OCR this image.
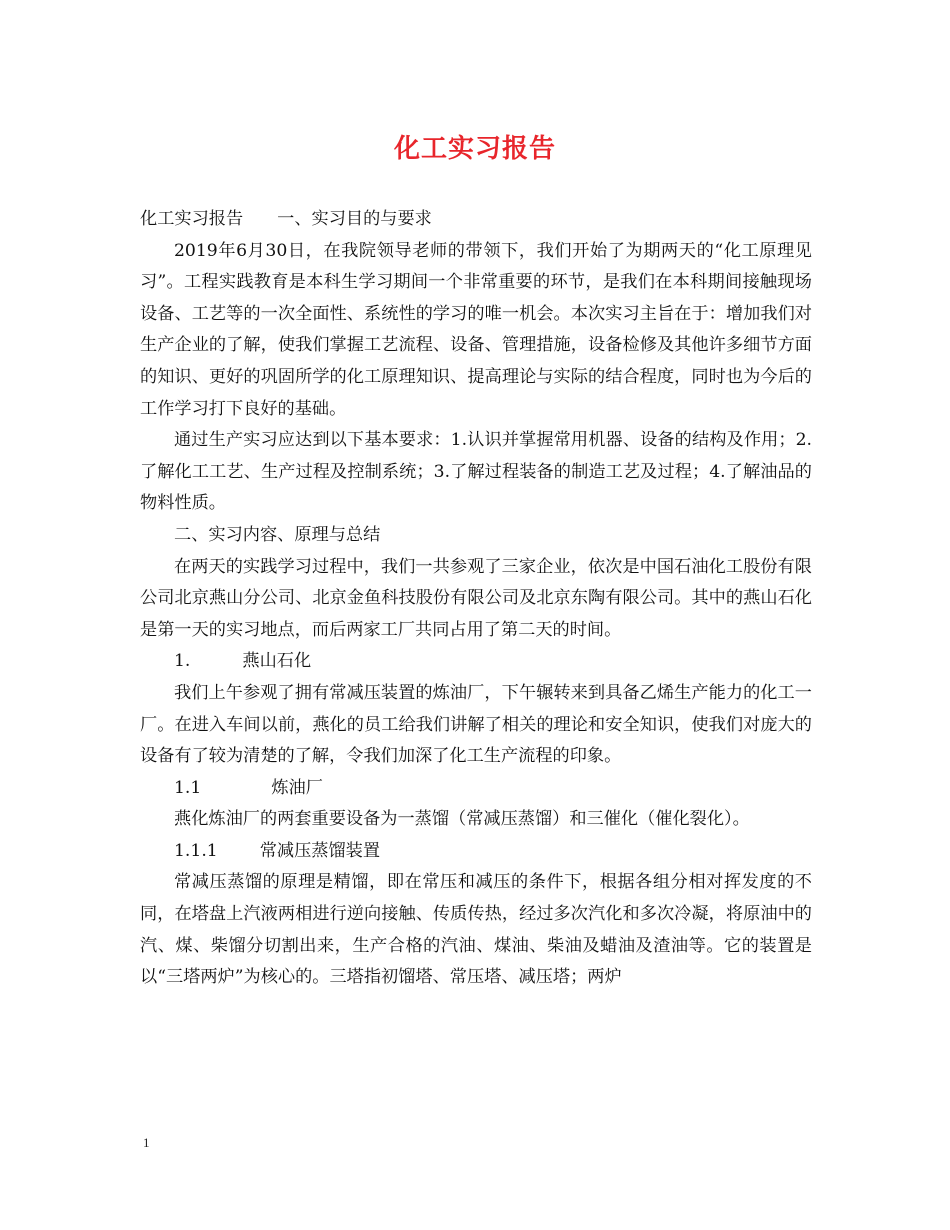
化工实习报告

化工实习报告 一、实习目的与要求

2019年6月30日，在我院领导老师的带领下，我们开始了为期两天的“化工原理见习”。工程实践教育是本科生学习期间一个非常重要的环节，是我们在本科期间接触现场设备、工艺等的一次全面性、系统性的学习的唯一机会。本次实习主旨在于：增加我们对生产企业的了解，使我们掌握工艺流程、设备、管理措施，设备检修及其他许多细节方面的知识、更好的巩固所学的化工原理知识、提高理论与实际的结合程度，同时也为今后的工作学习打下良好的基础。

通过生产实习应达到以下基本要求：1.认识并掌握常用机器、设备的结构及作用；2.了解化工工艺、生产过程及控制系统；3.了解过程装备的制造工艺及过程；4.了解油品的物料性质。

二、实习内容、原理与总结

在两天的实践学习过程中，我们一共参观了三家企业，依次是中国石油化工股份有限公司北京燕山分公司、北京金鱼科技股份有限公司及北京东陶有限公司。其中的燕山石化是第一天的实习地点，而后两家工厂共同占用了第二天的时间。

1.	燕山石化

我们上午参观了拥有常减压装置的炼油厂，下午辗转来到具备乙烯生产能力的化工一厂。在进入车间以前，燕化的员工给我们讲解了相关的理论和安全知识，使我们对庞大的设备有了较为清楚的了解，令我们加深了化工生产流程的印象。

1.1	炼油厂

燕化炼油厂的两套重要设备为一蒸馏（常减压蒸馏）和三催化（催化裂化）。

1.1.1 常减压蒸馏装置

常减压蒸馏的原理是精馏，即在常压和减压的条件下，根据各组分相对挥发度的不同，在塔盘上汽液两相进行逆向接触、传质传热，经过多次汽化和多次冷凝，将原油中的汽、煤、柴馏分切割出来，生产合格的汽油、煤油、柴油及蜡油及渣油等。它的装置是以“三塔两炉”为核心的。三塔指初馏塔、常压塔、减压塔；两炉

1
